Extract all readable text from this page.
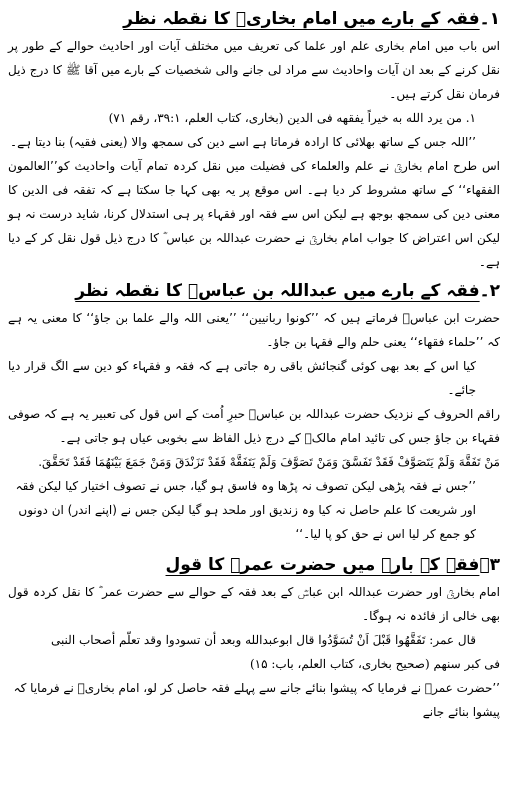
۱۔فقہ کے بارے میں امام بخاریؒ کا نقطہ نظر

اس باب میں امام بخاری علم اور علما کی تعریف میں مختلف آیات اور احادیث حوالے کے طور پر نقل کرنے کے بعد ان آیات واحادیث سے مراد لی جانے والی شخصیات کے بارے میں آقا ﷺ کا درج ذیل فرمان نقل کرتے ہیں۔

۱. من یرد الله به خیراً یفقهه فی الدین (بخاری، کتاب العلم، ۳۹:۱، رقم ۷۱)

’’اللہ جس کے ساتھ بھلائی کا ارادہ فرماتا ہے اسے دین کی سمجھ والا (یعنی فقیہ) بنا دیتا ہے۔

اس طرح امام بخاریؒ نے علم والعلماء کی فضیلت میں نقل کردہ تمام آیات واحادیث کو’’العالمون الفقهاء‘‘ کے ساتھ مشروط کر دیا ہے۔ اس موقع پر یہ بھی کہا جا سکتا ہے کہ تفقہ فی الدین کا معنی دین کی سمجھ بوجھ ہے لیکن اس سے فقہ اور فقہاء پر ہی استدلال کرنا، شاید درست نہ ہو لیکن اس اعتراض کا جواب امام بخاریؒ نے حضرت عبداللہ بن عباس ؓ کا درج ذیل قول نقل کر کے دیا ہے۔

۲۔فقہ کے بارے میں عبداللہ بن عباسؓ کا نقطہ نظر

حضرت ابن عباسؓ فرماتے ہیں کہ ’’کونوا ربانیین‘‘ ’’یعنی اللہ والے علما بن جاؤ‘‘ کا معنی یہ ہے کہ ’’حلماء فقهاء‘‘ یعنی حلم والے فقہا بن جاؤ۔

کیا اس کے بعد بھی کوئی گنجائش باقی رہ جاتی ہے کہ فقہ و فقہاء کو دین سے الگ قرار دیا جائے۔

راقم الحروف کے نزدیک حضرت عبداللہ بن عباسؓ حبرِ اُمت کے اس قول کی تعبیر یہ ہے کہ صوفی فقہاء بن جاؤ جس کی تائید امام مالکؒ کے درج ذیل الفاظ سے بخوبی عیاں ہو جاتی ہے۔

مَنْ تَفَقَّهَ وَلَمْ يَتَصَوَّفْ فَقَدْ تَفَسَّقَ وَمَنْ تَصَوَّفَ وَلَمْ يَتَفَقَّهْ فَقَدْ تَزَنْدَقَ وَمَنْ جَمَعَ بَيْنَهُمَا فَقَدْ تَحَقَّقَ.

’’جس نے فقہ پڑھی لیکن تصوف نہ پڑھا وہ فاسق ہو گیا، جس نے تصوف اختیار کیا لیکن فقہ اور شریعت کا علم حاصل نہ کیا وہ زندیق اور ملحد ہو گیا لیکن جس نے (اپنے اندر) ان دونوں کو جمع کر لیا اس نے حق کو پا لیا۔‘‘

۳۔فقہ کے بارے میں حضرت عمرؓ کا قول

امام بخاریؒ اور حضرت عبداللہ ابن عباسؓ کے بعد فقہ کے حوالے سے حضرت عمر ؓ کا نقل کردہ قول بھی خالی از فائدہ نہ ہوگا۔

قال عمر: تَفَقَّهُوا قَبْلَ اَنْ تُسَوَّدُوا قال ابوعبدالله وبعد أن تسودوا وقد تعلّم أصحاب النبی

فی کبر سنهم (صحیح بخاری، کتاب العلم، باب: ۱۵)

’’حضرت عمرؓ نے فرمایا کہ پیشوا بنائے جانے سے پہلے فقہ حاصل کر لو، امام بخاریؒ نے فرمایا کہ پیشوا بنائے جانے
